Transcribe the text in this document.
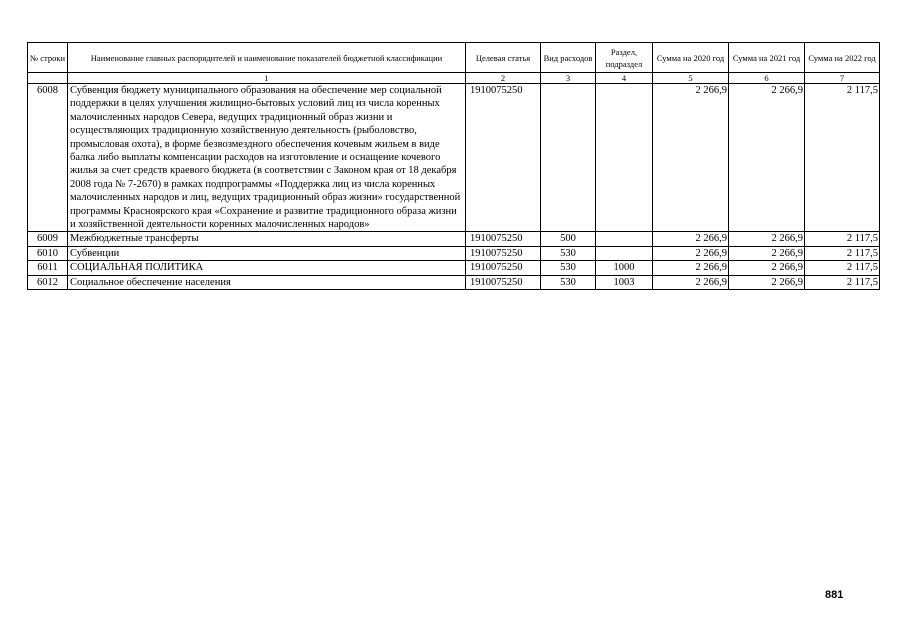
№ строки	Наименование главных распорядителей и наименование показателей бюджетной классификации	Целевая статья	Вид расходов	Раздел, подраздел	Сумма на 2020 год	Сумма на 2021 год	Сумма на 2022 год
	1	2	3	4	5	6	7
6008	Субвенция бюджету муниципального образования на обеспечение мер социальной поддержки в целях улучшения жилищно-бытовых условий лиц из числа коренных малочисленных народов Севера, ведущих традиционный образ жизни и осуществляющих традиционную хозяйственную деятельность (рыболовство, промысловая охота), в форме безвозмездного обеспечения кочевым жильем в виде балка либо выплаты компенсации расходов на изготовление и оснащение кочевого жилья за счет средств краевого бюджета (в соответствии с Законом края от 18 декабря 2008 года № 7-2670) в рамках подпрограммы «Поддержка лиц из числа коренных малочисленных народов и лиц, ведущих традиционный образ жизни» государственной программы Красноярского края «Сохранение и развитие традиционного образа жизни и хозяйственной деятельности коренных малочисленных народов»	1910075250			2 266,9	2 266,9	2 117,5
6009	Межбюджетные трансферты	1910075250	500		2 266,9	2 266,9	2 117,5
6010	Субвенции	1910075250	530		2 266,9	2 266,9	2 117,5
6011	СОЦИАЛЬНАЯ ПОЛИТИКА	1910075250	530	1000	2 266,9	2 266,9	2 117,5
6012	Социальное обеспечение населения	1910075250	530	1003	2 266,9	2 266,9	2 117,5
881
